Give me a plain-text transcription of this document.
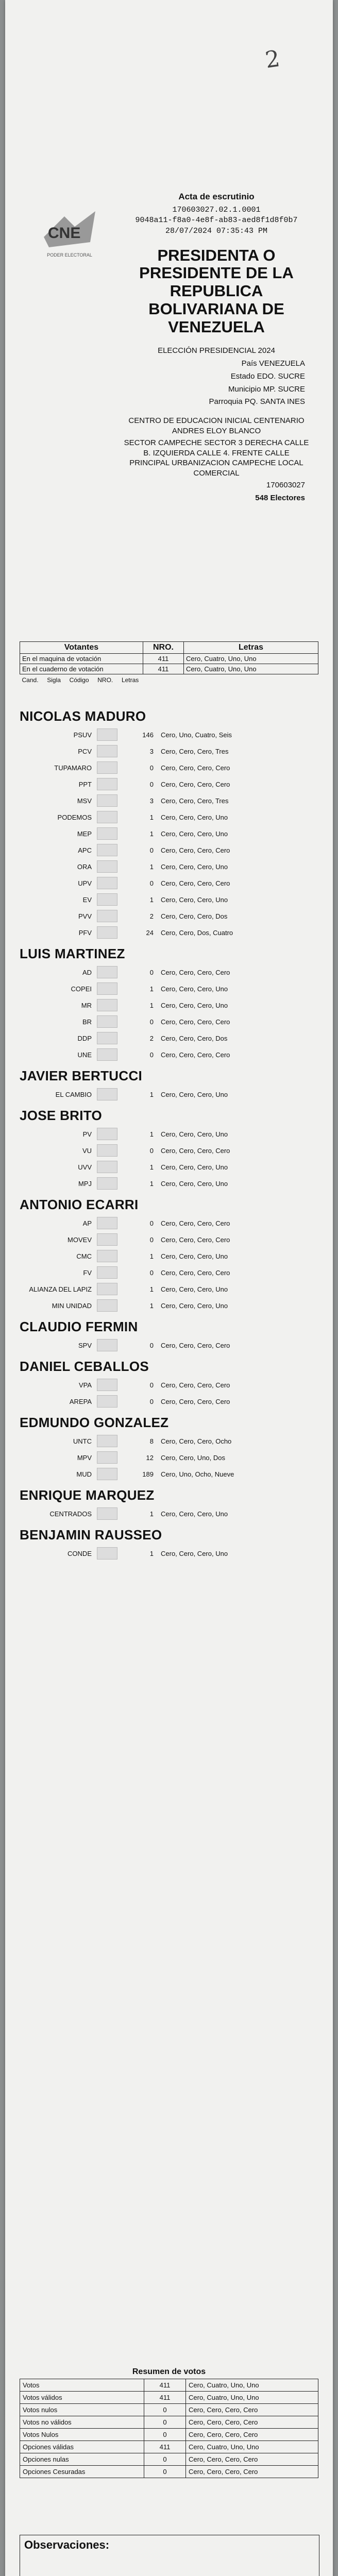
2
CNE
PODER ELECTORAL
Acta de escrutinio
170603027.02.1.0001
9048a11-f8a0-4e8f-ab83-aed8f1d8f0b7
28/07/2024 07:35:43 PM
PRESIDENTA O PRESIDENTE DE LA REPUBLICA BOLIVARIANA DE VENEZUELA
ELECCIÓN PRESIDENCIAL 2024
País VENEZUELA
Estado EDO. SUCRE
Municipio MP. SUCRE
Parroquia PQ. SANTA INES
CENTRO DE EDUCACION INICIAL CENTENARIO ANDRES ELOY BLANCO
SECTOR CAMPECHE SECTOR 3 DERECHA CALLE B. IZQUIERDA CALLE 4. FRENTE CALLE PRINCIPAL URBANIZACION CAMPECHE LOCAL COMERCIAL
170603027
548 Electores
Votantes	NRO.	Letras
En el maquina de votación	411	Cero, Cuatro, Uno, Uno
En el cuaderno de votación	411	Cero, Cuatro, Uno, Uno
Cand. Sigla Código NRO. Letras		
NICOLAS MADURO
PSUV	146	Cero, Uno, Cuatro, Seis
PCV	3	Cero, Cero, Cero, Tres
TUPAMARO	0	Cero, Cero, Cero, Cero
PPT	0	Cero, Cero, Cero, Cero
MSV	3	Cero, Cero, Cero, Tres
PODEMOS	1	Cero, Cero, Cero, Uno
MEP	1	Cero, Cero, Cero, Uno
APC	0	Cero, Cero, Cero, Cero
ORA	1	Cero, Cero, Cero, Uno
UPV	0	Cero, Cero, Cero, Cero
EV	1	Cero, Cero, Cero, Uno
PVV	2	Cero, Cero, Cero, Dos
PFV	24	Cero, Cero, Dos, Cuatro
LUIS MARTINEZ
AD	0	Cero, Cero, Cero, Cero
COPEI	1	Cero, Cero, Cero, Uno
MR	1	Cero, Cero, Cero, Uno
BR	0	Cero, Cero, Cero, Cero
DDP	2	Cero, Cero, Cero, Dos
UNE	0	Cero, Cero, Cero, Cero
JAVIER BERTUCCI
EL CAMBIO	1	Cero, Cero, Cero, Uno
JOSE BRITO
PV	1	Cero, Cero, Cero, Uno
VU	0	Cero, Cero, Cero, Cero
UVV	1	Cero, Cero, Cero, Uno
MPJ	1	Cero, Cero, Cero, Uno
ANTONIO ECARRI
AP	0	Cero, Cero, Cero, Cero
MOVEV	0	Cero, Cero, Cero, Cero
CMC	1	Cero, Cero, Cero, Uno
FV	0	Cero, Cero, Cero, Cero
ALIANZA DEL LAPIZ	1	Cero, Cero, Cero, Uno
MIN UNIDAD	1	Cero, Cero, Cero, Uno
CLAUDIO FERMIN
SPV	0	Cero, Cero, Cero, Cero
DANIEL CEBALLOS
VPA	0	Cero, Cero, Cero, Cero
AREPA	0	Cero, Cero, Cero, Cero
EDMUNDO GONZALEZ
UNTC	8	Cero, Cero, Cero, Ocho
MPV	12	Cero, Cero, Uno, Dos
MUD	189	Cero, Uno, Ocho, Nueve
ENRIQUE MARQUEZ
CENTRADOS	1	Cero, Cero, Cero, Uno
BENJAMIN RAUSSEO
CONDE	1	Cero, Cero, Cero, Uno
Resumen de votos
Votos	411	Cero, Cuatro, Uno, Uno
Votos válidos	411	Cero, Cuatro, Uno, Uno
Votos nulos	0	Cero, Cero, Cero, Cero
Votos no válidos	0	Cero, Cero, Cero, Cero
Votos Nulos	0	Cero, Cero, Cero, Cero
Opciones válidas	411	Cero, Cuatro, Uno, Uno
Opciones nulas	0	Cero, Cero, Cero, Cero
Opciones Cesuradas	0	Cero, Cero, Cero, Cero
Observaciones:
